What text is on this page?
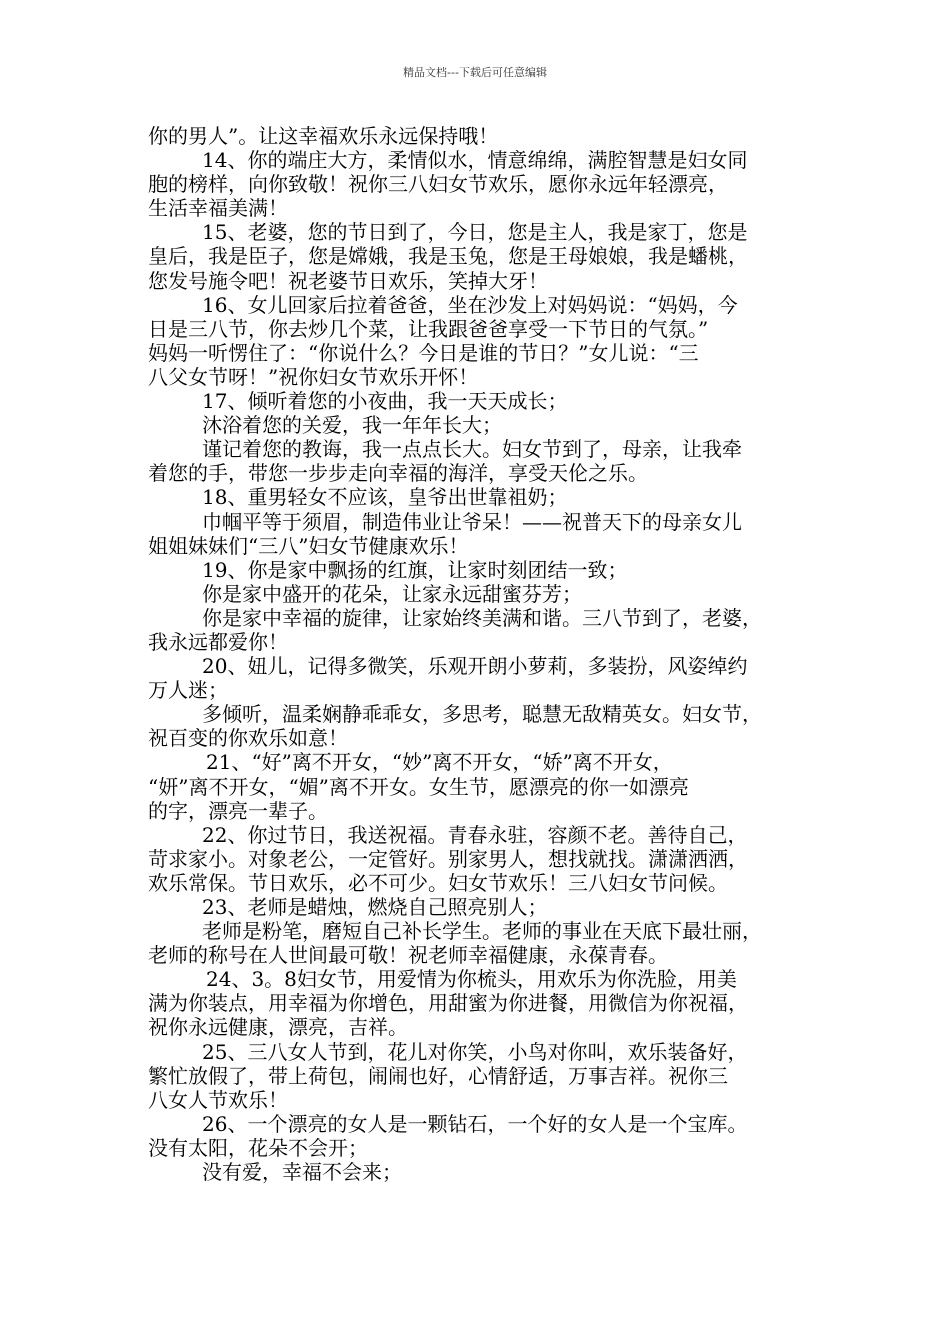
精品文档---下载后可任意编辑
你的男人”。让这幸福欢乐永远保持哦！
14、你的端庄大方，柔情似水，情意绵绵，满腔智慧是妇女同
胞的榜样，向你致敬！祝你三八妇女节欢乐，愿你永远年轻漂亮，
生活幸福美满！
15、老婆，您的节日到了，今日，您是主人，我是家丁，您是
皇后，我是臣子，您是嫦娥，我是玉兔，您是王母娘娘，我是蟠桃，
您发号施令吧！祝老婆节日欢乐，笑掉大牙！
16、女儿回家后拉着爸爸，坐在沙发上对妈妈说：“妈妈，今
日是三八节，你去炒几个菜，让我跟爸爸享受一下节日的气氛。”
妈妈一听愣住了：“你说什么？今日是谁的节日？”女儿说：“三
八父女节呀！”祝你妇女节欢乐开怀！
17、倾听着您的小夜曲，我一天天成长；
沐浴着您的关爱，我一年年长大；
谨记着您的教诲，我一点点长大。妇女节到了，母亲，让我牵
着您的手，带您一步步走向幸福的海洋，享受天伦之乐。
18、重男轻女不应该，皇爷出世靠祖奶；
巾帼平等于须眉，制造伟业让爷呆！——祝普天下的母亲女儿
姐姐妹妹们“三八”妇女节健康欢乐！
19、你是家中飘扬的红旗，让家时刻团结一致；
你是家中盛开的花朵，让家永远甜蜜芬芳；
你是家中幸福的旋律，让家始终美满和谐。三八节到了，老婆，
我永远都爱你！
20、妞儿，记得多微笑，乐观开朗小萝莉，多装扮，风姿绰约
万人迷；
多倾听，温柔娴静乖乖女，多思考，聪慧无敌精英女。妇女节，
祝百变的你欢乐如意！
21、“好”离不开女，“妙”离不开女，“娇”离不开女，
“妍”离不开女，“媚”离不开女。女生节，愿漂亮的你一如漂亮
的字，漂亮一辈子。
22、你过节日，我送祝福。青春永驻，容颜不老。善待自己，
苛求家小。对象老公，一定管好。别家男人，想找就找。潇潇洒洒，
欢乐常保。节日欢乐，必不可少。妇女节欢乐！三八妇女节问候。
23、老师是蜡烛，燃烧自己照亮别人；
老师是粉笔，磨短自己补长学生。老师的事业在天底下最壮丽，
老师的称号在人世间最可敬！祝老师幸福健康，永葆青春。
24、3。8妇女节，用爱情为你梳头，用欢乐为你洗脸，用美
满为你装点，用幸福为你增色，用甜蜜为你进餐，用微信为你祝福，
祝你永远健康，漂亮，吉祥。
25、三八女人节到，花儿对你笑，小鸟对你叫，欢乐装备好，
繁忙放假了，带上荷包，闹闹也好，心情舒适，万事吉祥。祝你三
八女人节欢乐！
26、一个漂亮的女人是一颗钻石，一个好的女人是一个宝库。
没有太阳，花朵不会开；
没有爱，幸福不会来；
